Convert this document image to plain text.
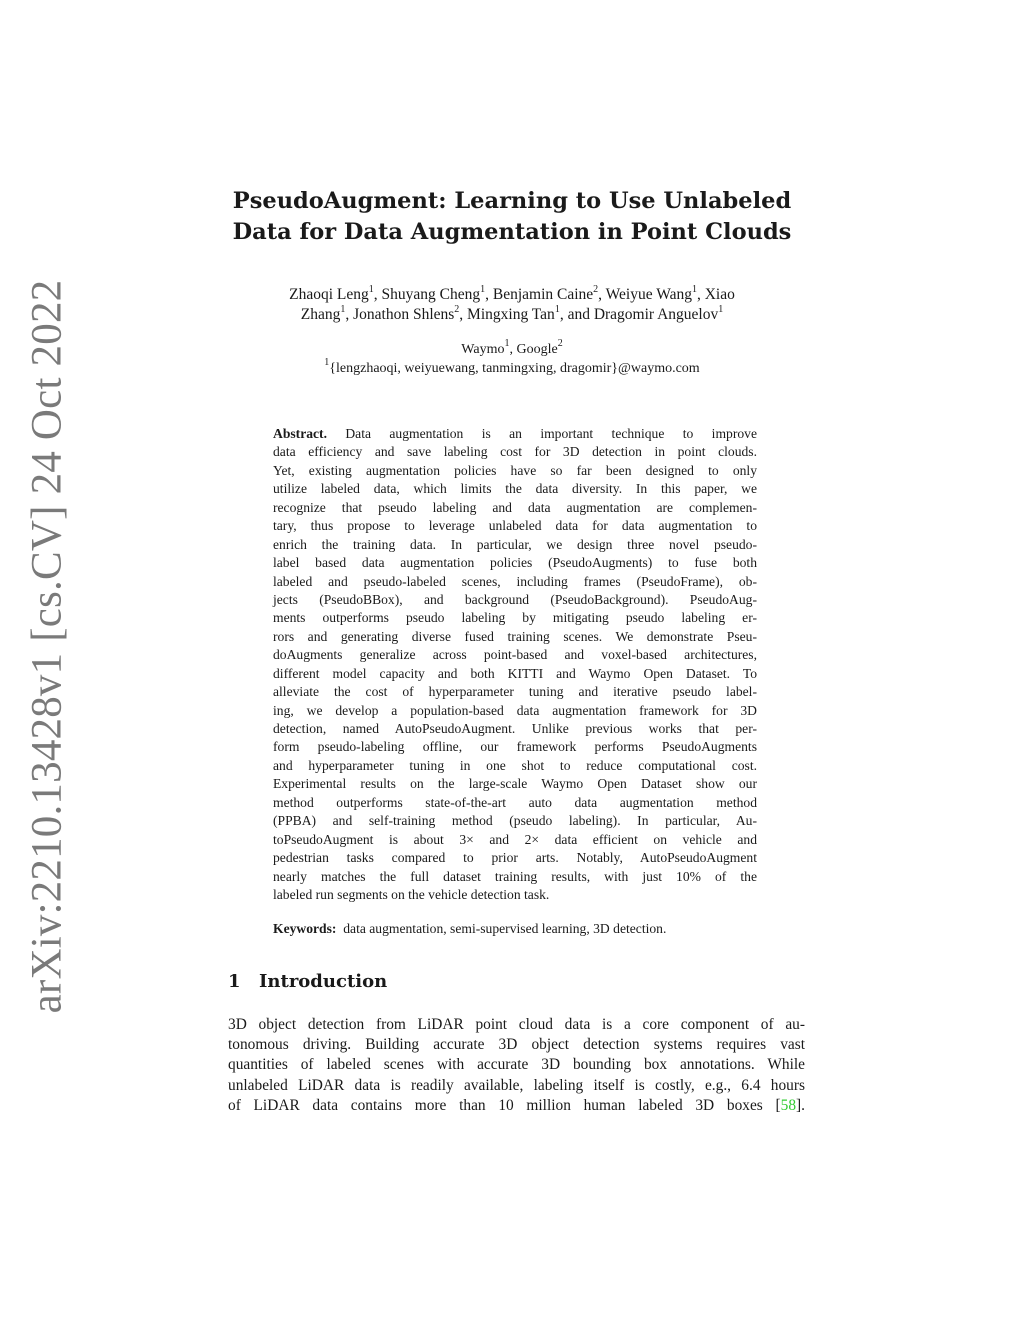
arXiv:2210.13428v1 [cs.CV] 24 Oct 2022
PseudoAugment: Learning to Use Unlabeled
Data for Data Augmentation in Point Clouds
Zhaoqi Leng$^1$, Shuyang Cheng$^1$, Benjamin Caine$^2$, Weiyue Wang$^1$, Xiao
Zhang$^1$, Jonathon Shlens$^2$, Mingxing Tan$^1$, and Dragomir Anguelov$^1$
Waymo$^1$, Google$^2$
$^1${lengzhaoqi, weiyuewang, tanmingxing, dragomir}@waymo.com
Abstract. Data augmentation is an important technique to improve
data efficiency and save labeling cost for 3D detection in point clouds.
Yet, existing augmentation policies have so far been designed to only
utilize labeled data, which limits the data diversity. In this paper, we
recognize that pseudo labeling and data augmentation are complemen-
tary, thus propose to leverage unlabeled data for data augmentation to
enrich the training data. In particular, we design three novel pseudo-
label based data augmentation policies (PseudoAugments) to fuse both
labeled and pseudo-labeled scenes, including frames (PseudoFrame), ob-
jects (PseudoBBox), and background (PseudoBackground). PseudoAug-
ments outperforms pseudo labeling by mitigating pseudo labeling er-
rors and generating diverse fused training scenes. We demonstrate Pseu-
doAugments generalize across point-based and voxel-based architectures,
different model capacity and both KITTI and Waymo Open Dataset. To
alleviate the cost of hyperparameter tuning and iterative pseudo label-
ing, we develop a population-based data augmentation framework for 3D
detection, named AutoPseudoAugment. Unlike previous works that per-
form pseudo-labeling offline, our framework performs PseudoAugments
and hyperparameter tuning in one shot to reduce computational cost.
Experimental results on the large-scale Waymo Open Dataset show our
method outperforms state-of-the-art auto data augmentation method
(PPBA) and self-training method (pseudo labeling). In particular, Au-
toPseudoAugment is about 3× and 2× data efficient on vehicle and
pedestrian tasks compared to prior arts. Notably, AutoPseudoAugment
nearly matches the full dataset training results, with just 10% of the
labeled run segments on the vehicle detection task.
Keywords: data augmentation, semi-supervised learning, 3D detection.
1 Introduction
3D object detection from LiDAR point cloud data is a core component of au-
tonomous driving. Building accurate 3D object detection systems requires vast
quantities of labeled scenes with accurate 3D bounding box annotations. While
unlabeled LiDAR data is readily available, labeling itself is costly, e.g., 6.4 hours
of LiDAR data contains more than 10 million human labeled 3D boxes [58].
